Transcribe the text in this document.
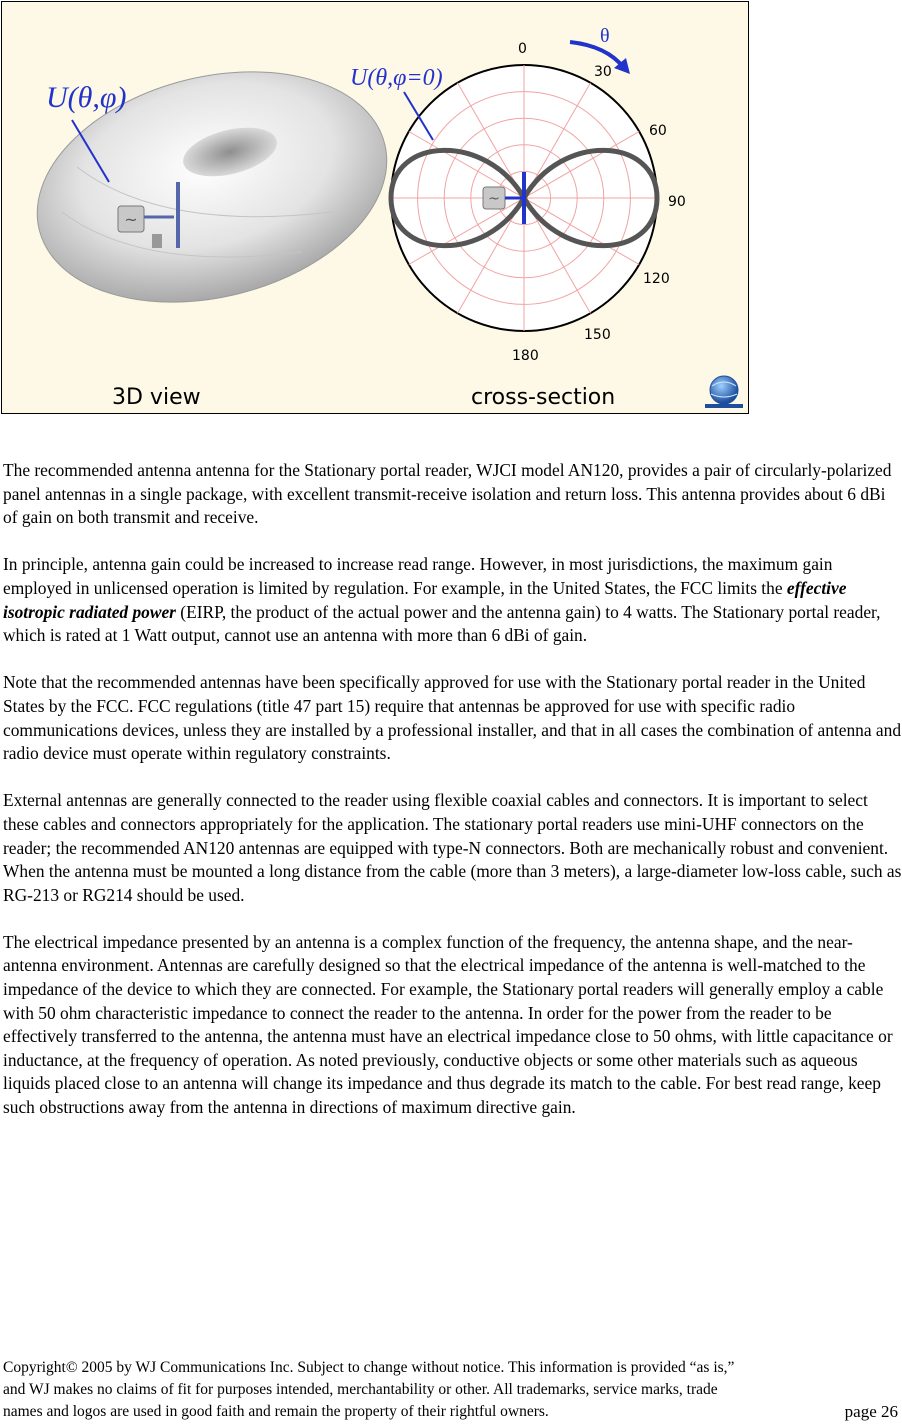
~
U(θ,φ)
~
0
30
60
90
120
150
180
U(θ,φ=0)
θ
3D view	cross-section

The recommended antenna antenna for the Stationary portal reader, WJCI model AN120, provides a pair of circularly-polarized panel antennas in a single package, with excellent transmit-receive isolation and return loss. This antenna provides about 6 dBi of gain on both transmit and receive.

In principle, antenna gain could be increased to increase read range. However, in most jurisdictions, the maximum gain employed in unlicensed operation is limited by regulation. For example, in the United States, the FCC limits the effective isotropic radiated power (EIRP, the product of the actual power and the antenna gain) to 4 watts. The Stationary portal reader, which is rated at 1 Watt output, cannot use an antenna with more than 6 dBi of gain.

Note that the recommended antennas have been specifically approved for use with the Stationary portal reader in the United States by the FCC. FCC regulations (title 47 part 15) require that antennas be approved for use with specific radio communications devices, unless they are installed by a professional installer, and that in all cases the combination of antenna and radio device must operate within regulatory constraints.

External antennas are generally connected to the reader using flexible coaxial cables and connectors. It is important to select these cables and connectors appropriately for the application. The stationary portal readers use mini-UHF connectors on the reader; the recommended AN120 antennas are equipped with type-N connectors. Both are mechanically robust and convenient. When the antenna must be mounted a long distance from the cable (more than 3 meters), a large-diameter low-loss cable, such as RG-213 or RG214 should be used.

The electrical impedance presented by an antenna is a complex function of the frequency, the antenna shape, and the near-antenna environment. Antennas are carefully designed so that the electrical impedance of the antenna is well-matched to the impedance of the device to which they are connected. For example, the Stationary portal readers will generally employ a cable with 50 ohm characteristic impedance to connect the reader to the antenna. In order for the power from the reader to be effectively transferred to the antenna, the antenna must have an electrical impedance close to 50 ohms, with little capacitance or inductance, at the frequency of operation. As noted previously, conductive objects or some other materials such as aqueous liquids placed close to an antenna will change its impedance and thus degrade its match to the cable. For best read range, keep such obstructions away from the antenna in directions of maximum directive gain.

Copyright© 2005 by WJ Communications Inc. Subject to change without notice. This information is provided “as is,”
and WJ makes no claims of fit for purposes intended, merchantability or other. All trademarks, service marks, trade
names and logos are used in good faith and remain the property of their rightful owners.	page 26
